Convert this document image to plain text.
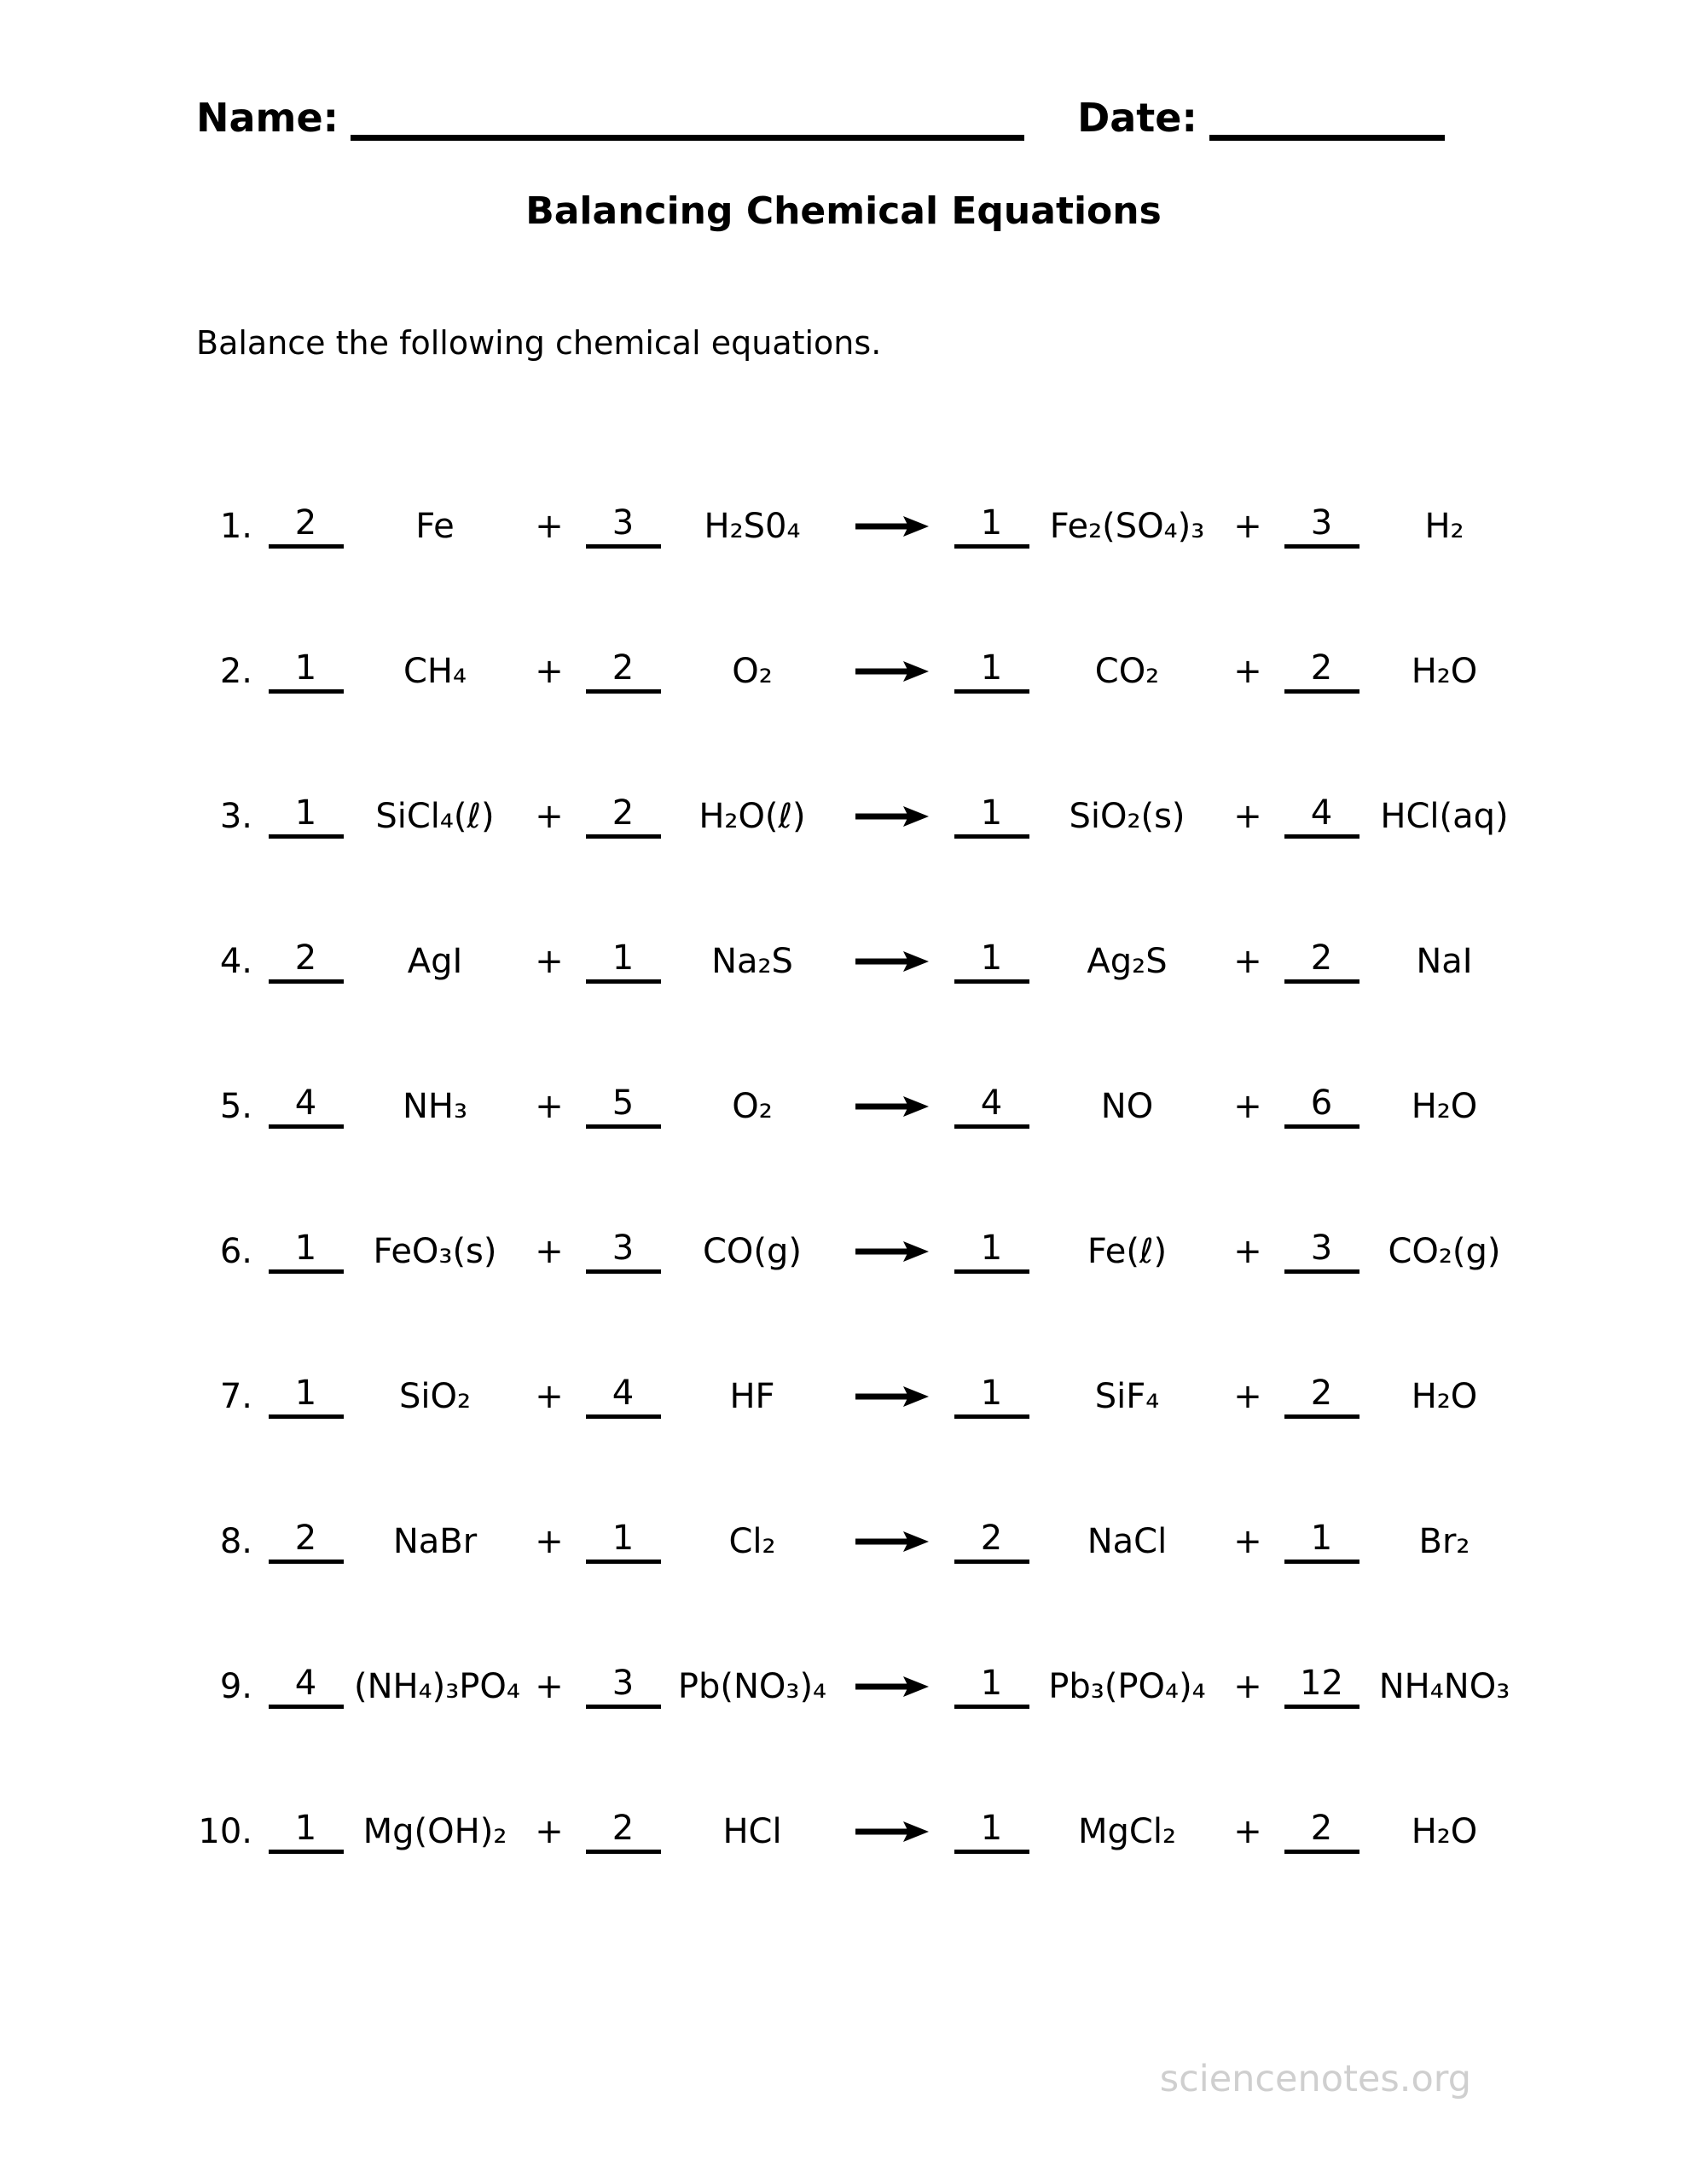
Name:	Date:
Balancing Chemical Equations
Balance the following chemical equations.
1.	2	Fe	+	3	H₂S0₄	→	1	Fe₂(SO₄)₃ +	3	H₂
2.	1	CH₄	+	2	O₂	→	1	CO₂	+	2	H₂O
3.	1	SiCl₄(ℓ)	+	2	H₂O(ℓ)	→	1	SiO₂(s)	+	4	HCl(aq)
4.	2	AgI	+	1	Na₂S	→	1	Ag₂S	+	2	NaI
5.	4	NH₃	+	5	O₂	→	4	NO	+	6	H₂O
6.	1	FeO₃(s)	+	3	CO(g)	→	1	Fe(ℓ)	+	3	CO₂(g)
7.	1	SiO₂	+	4	HF	→	1	SiF₄	+	2	H₂O
8.	2	NaBr	+	1	Cl₂	→	2	NaCl	+	1	Br₂
9.	4	(NH₄)₃PO₄ +	3	Pb(NO₃)₄ →	1	Pb₃(PO₄)₄ +	12	NH₄NO₃
10.	1	Mg(OH)₂ +	2	HCl	→	1	MgCl₂	+	2	H₂O
sciencenotes.org
